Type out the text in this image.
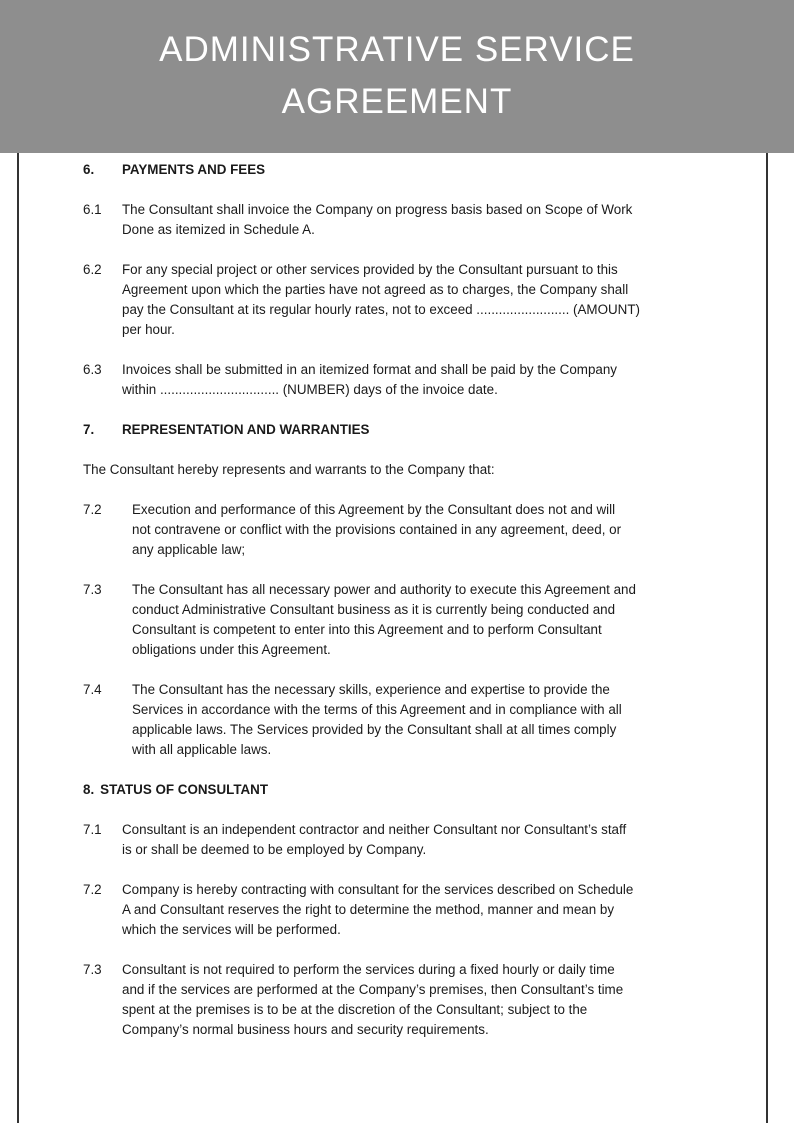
ADMINISTRATIVE SERVICE
AGREEMENT
6.	PAYMENTS AND FEES
6.1	The Consultant shall invoice the Company on progress basis based on Scope of Work
Done as itemized in Schedule A.
6.2	For any special project or other services provided by the Consultant pursuant to this
Agreement upon which the parties have not agreed as to charges, the Company shall
pay the Consultant at its regular hourly rates, not to exceed ......................... (AMOUNT)
per hour.
6.3	Invoices shall be submitted in an itemized format and shall be paid by the Company
within ................................ (NUMBER) days of the invoice date.
7.	REPRESENTATION AND WARRANTIES
The Consultant hereby represents and warrants to the Company that:
7.2	Execution and performance of this Agreement by the Consultant does not and will
not contravene or conflict with the provisions contained in any agreement, deed, or
any applicable law;
7.3	The Consultant has all necessary power and authority to execute this Agreement and
conduct Administrative Consultant business as it is currently being conducted and
Consultant is competent to enter into this Agreement and to perform Consultant
obligations under this Agreement.
7.4	The Consultant has the necessary skills, experience and expertise to provide the
Services in accordance with the terms of this Agreement and in compliance with all
applicable laws. The Services provided by the Consultant shall at all times comply
with all applicable laws.
8. STATUS OF CONSULTANT
7.1	Consultant is an independent contractor and neither Consultant nor Consultant’s staff
is or shall be deemed to be employed by Company.
7.2	Company is hereby contracting with consultant for the services described on Schedule
A and Consultant reserves the right to determine the method, manner and mean by
which the services will be performed.
7.3	Consultant is not required to perform the services during a fixed hourly or daily time
and if the services are performed at the Company’s premises, then Consultant’s time
spent at the premises is to be at the discretion of the Consultant; subject to the
Company’s normal business hours and security requirements.
